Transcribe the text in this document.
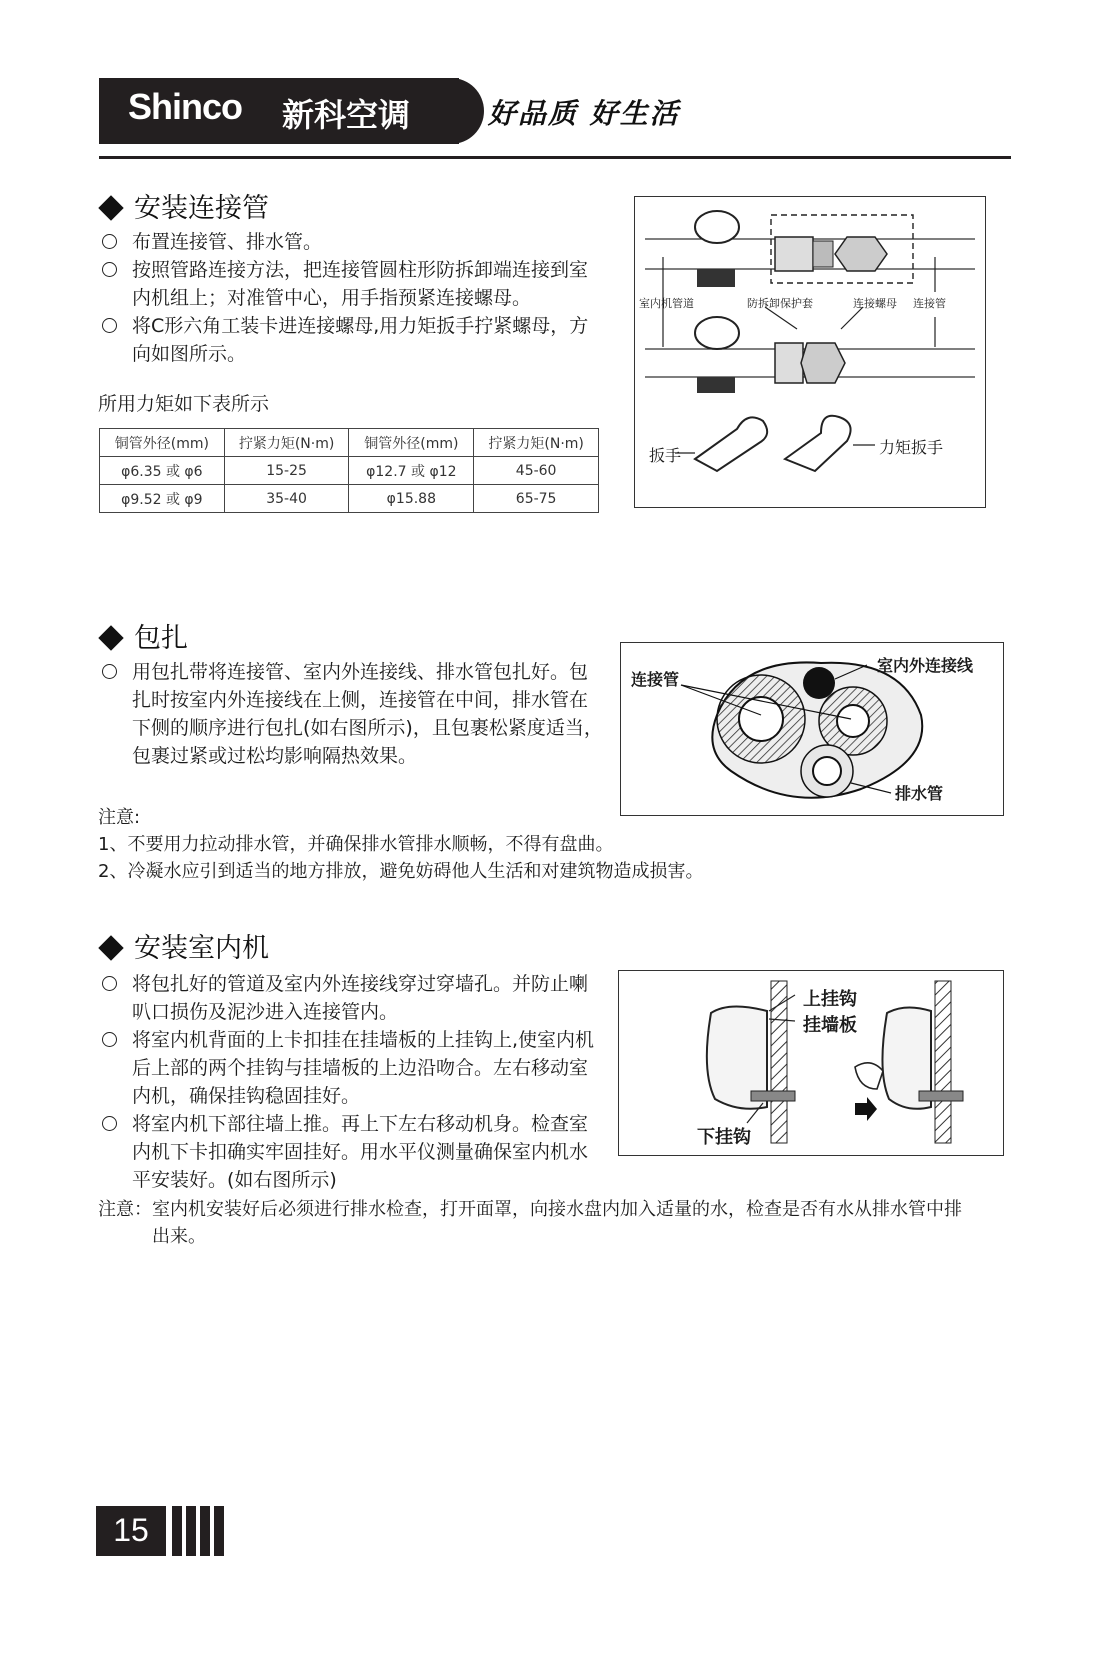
Shinco 新科空调	好品质 好生活
安装连接管
布置连接管、排水管。
按照管路连接方法，把连接管圆柱形防拆卸端连接到室内机组上；对准管中心，用手指预紧连接螺母。
将C形六角工装卡进连接螺母,用力矩扳手拧紧螺母，方向如图所示。
所用力矩如下表所示
铜管外径(mm)	拧紧力矩(N·m)	铜管外径(mm)	拧紧力矩(N·m)
φ6.35 或 φ6	15-25	φ12.7 或 φ12	45-60
φ9.52 或 φ9	35-40	φ15.88	65-75
室内机管道	防拆卸保护套	连接螺母 连接管
扳手	力矩扳手
包扎
用包扎带将连接管、室内外连接线、排水管包扎好。包扎时按室内外连接线在上侧，连接管在中间，排水管在下侧的顺序进行包扎(如右图所示)，且包裹松紧度适当，包裹过紧或过松均影响隔热效果。
连接管
室内外连接线
排水管
注意:
1、不要用力拉动排水管，并确保排水管排水顺畅，不得有盘曲。
2、冷凝水应引到适当的地方排放，避免妨碍他人生活和对建筑物造成损害。
安装室内机
将包扎好的管道及室内外连接线穿过穿墙孔。并防止喇叭口损伤及泥沙进入连接管内。
将室内机背面的上卡扣挂在挂墙板的上挂钩上,使室内机后上部的两个挂钩与挂墙板的上边沿吻合。左右移动室内机，确保挂钩稳固挂好。
将室内机下部往墙上推。再上下左右移动机身。检查室内机下卡扣确实牢固挂好。用水平仪测量确保室内机水平安装好。(如右图所示)
上挂钩
挂墙板
下挂钩
注意： 室内机安装好后必须进行排水检查，打开面罩，向接水盘内加入适量的水，检查是否有水从排水管中排出来。
15
